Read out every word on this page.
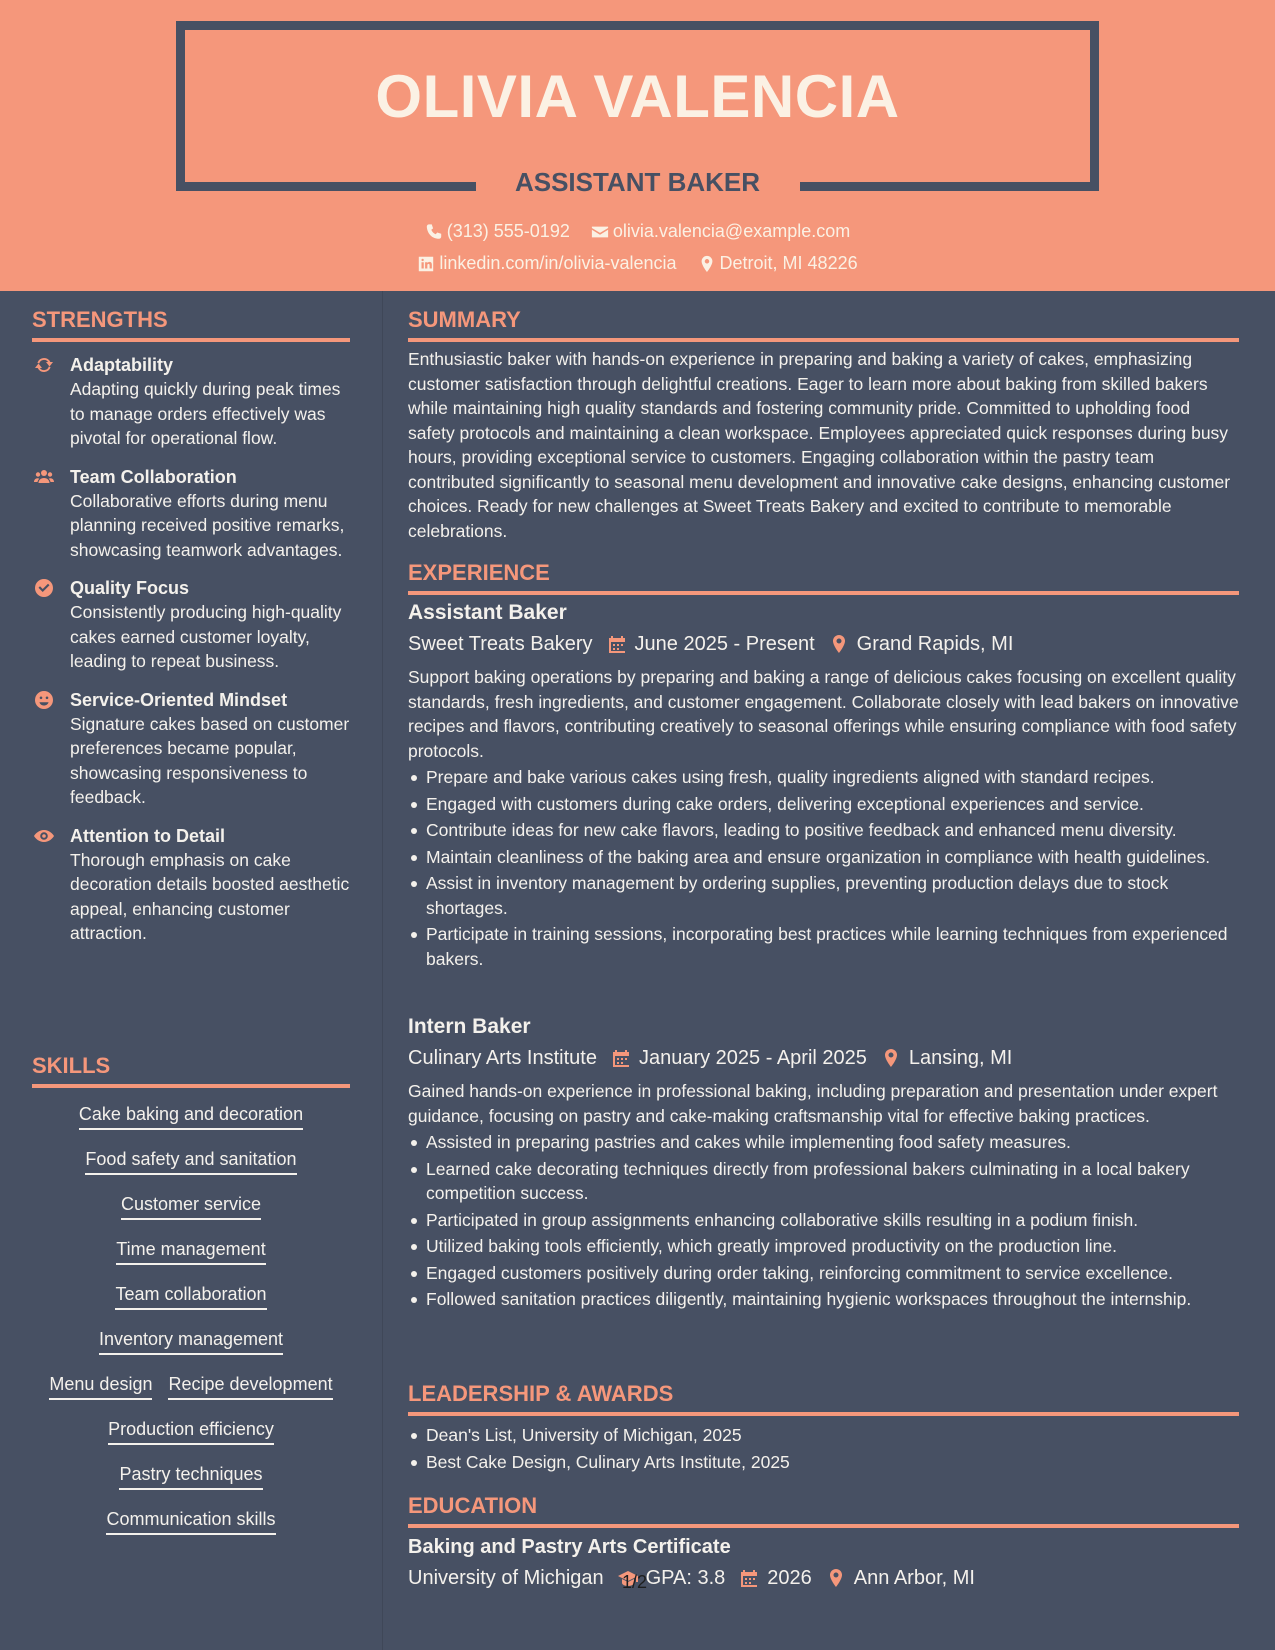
OLIVIA VALENCIA
ASSISTANT BAKER
(313) 555-0192
olivia.valencia@example.com
linkedin.com/in/olivia-valencia
Detroit, MI 48226
STRENGTHS
Adaptability
Adapting quickly during peak times to manage orders effectively was pivotal for operational flow.
Team Collaboration
Collaborative efforts during menu planning received positive remarks, showcasing teamwork advantages.
Quality Focus
Consistently producing high-quality cakes earned customer loyalty, leading to repeat business.
Service-Oriented Mindset
Signature cakes based on customer preferences became popular, showcasing responsiveness to feedback.
Attention to Detail
Thorough emphasis on cake decoration details boosted aesthetic appeal, enhancing customer attraction.
SKILLS
Cake baking and decoration
Food safety and sanitation
Customer service
Time management
Team collaboration
Inventory management
Menu design Recipe development
Production efficiency
Pastry techniques
Communication skills
SUMMARY
Enthusiastic baker with hands-on experience in preparing and baking a variety of cakes, emphasizing customer satisfaction through delightful creations. Eager to learn more about baking from skilled bakers while maintaining high quality standards and fostering community pride. Committed to upholding food safety protocols and maintaining a clean workspace. Employees appreciated quick responses during busy hours, providing exceptional service to customers. Engaging collaboration within the pastry team contributed significantly to seasonal menu development and innovative cake designs, enhancing customer choices. Ready for new challenges at Sweet Treats Bakery and excited to contribute to memorable celebrations.
EXPERIENCE
Assistant Baker
Sweet Treats Bakery June 2025 - Present Grand Rapids, MI
Support baking operations by preparing and baking a range of delicious cakes focusing on excellent quality standards, fresh ingredients, and customer engagement. Collaborate closely with lead bakers on innovative recipes and flavors, contributing creatively to seasonal offerings while ensuring compliance with food safety protocols.
Prepare and bake various cakes using fresh, quality ingredients aligned with standard recipes.
Engaged with customers during cake orders, delivering exceptional experiences and service.
Contribute ideas for new cake flavors, leading to positive feedback and enhanced menu diversity.
Maintain cleanliness of the baking area and ensure organization in compliance with health guidelines.
Assist in inventory management by ordering supplies, preventing production delays due to stock shortages.
Participate in training sessions, incorporating best practices while learning techniques from experienced bakers.
Intern Baker
Culinary Arts Institute January 2025 - April 2025 Lansing, MI
Gained hands-on experience in professional baking, including preparation and presentation under expert guidance, focusing on pastry and cake-making craftsmanship vital for effective baking practices.
Assisted in preparing pastries and cakes while implementing food safety measures.
Learned cake decorating techniques directly from professional bakers culminating in a local bakery competition success.
Participated in group assignments enhancing collaborative skills resulting in a podium finish.
Utilized baking tools efficiently, which greatly improved productivity on the production line.
Engaged customers positively during order taking, reinforcing commitment to service excellence.
Followed sanitation practices diligently, maintaining hygienic workspaces throughout the internship.
LEADERSHIP & AWARDS
Dean's List, University of Michigan, 2025
Best Cake Design, Culinary Arts Institute, 2025
EDUCATION
Baking and Pastry Arts Certificate
University of Michigan GPA: 3.8 2026 Ann Arbor, MI
1/2
